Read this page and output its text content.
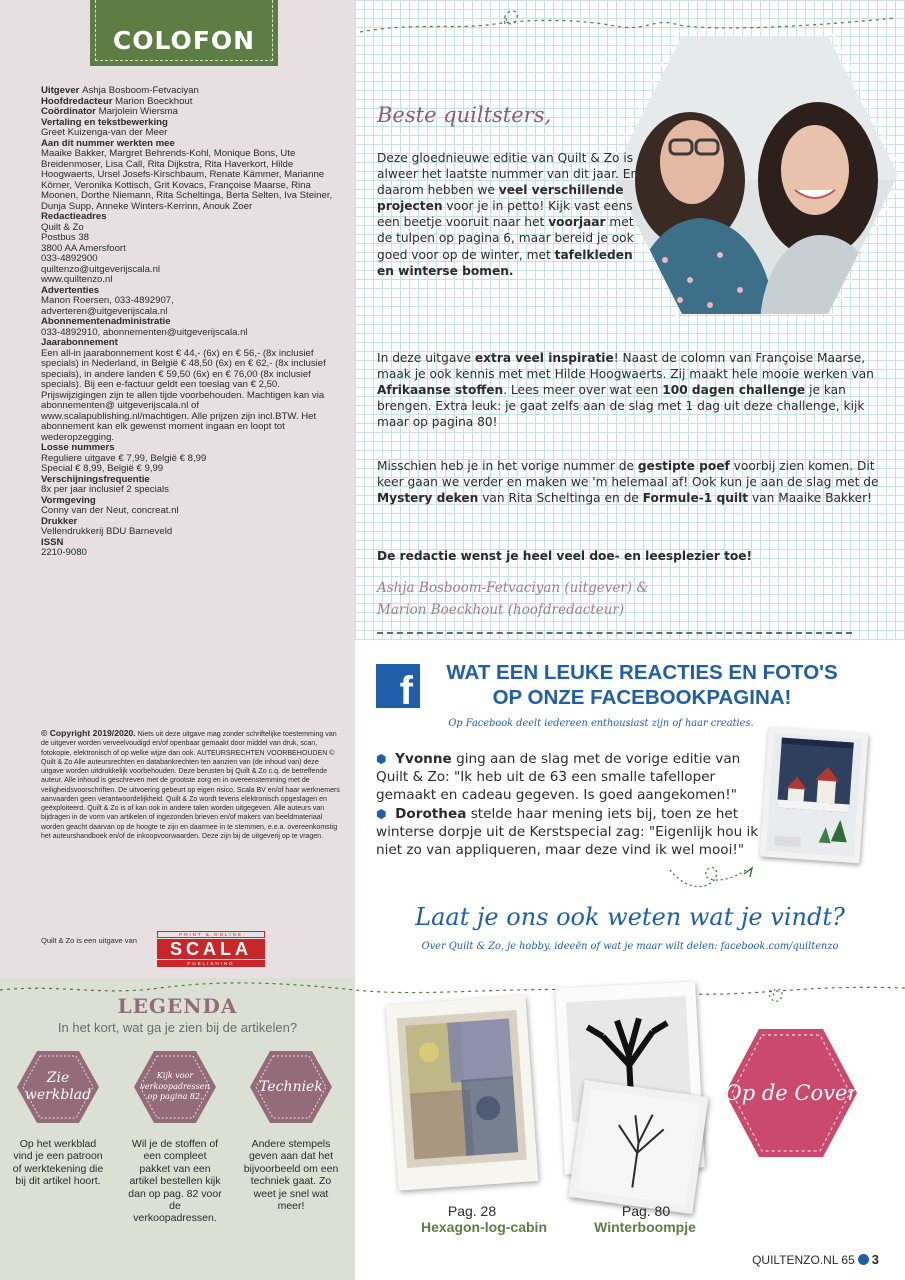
COLOFON
Uitgever Ashja Bosboom-Fetvaciyan
Hoofdredacteur Marion Boeckhout
Coördinator Marjolein Wiersma
Vertaling en tekstbewerking
Greet Kuizenga-van der Meer
Aan dit nummer werkten mee
Maaike Bakker, Margret Behrends-Kohl, Monique Bons, Ute Breidenmoser, Lisa Call, Rita Dijkstra, Rita Haverkort, Hilde Hoogwaerts, Ursel Josefs-Kirschbaum, Renate Kämmer, Marianne Körner, Veronika Kottisch, Grit Kovacs, Françoise Maarse, Rina Moonen, Dorthe Niemann, Rita Scheltinga, Berta Selten, Iva Steiner, Dunja Supp, Anneke Winters-Kerrinn, Anouk Zoer
Redactieadres
Quilt & Zo
Postbus 38
3800 AA Amersfoort
033-4892900
quiltenzo@uitgeverijscala.nl
www.quiltenzo.nl
Advertenties
Manon Roersen, 033-4892907,
adverteren@uitgeverijscala.nl
Abonnementenadministratie
033-4892910, abonnementen@uitgeverijscala.nl
Jaarabonnement
Een all-in jaarabonnement kost € 44,- (6x) en € 56,- (8x inclusief specials) in Nederland, in België € 48,50 (6x) en € 62,- (8x inclusief specials), in andere landen € 59,50 (6x) en € 76,00 (8x inclusief specials). Bij een e-factuur geldt een toeslag van € 2,50. Prijswijzigingen zijn te allen tijde voorbehouden. Machtigen kan via abonnementen@ uitgeverijscala.nl of www.scalapublishing.nl/machtigen. Alle prijzen zijn incl.BTW. Het abonnement kan elk gewenst moment ingaan en loopt tot wederopzegging.
Losse nummers
Reguliere uitgave € 7,99, België € 8,99
Special € 8,99, België € 9,99
Verschijningsfrequentie
8x per jaar inclusief 2 specials
Vormgeving
Conny van der Neut, concreat.nl
Drukker
Vellendrukkerij BDU Barneveld
ISSN
2210-9080
© Copyright 2019/2020. Niets uit deze uitgave mag zonder schriftelijke toestemming van de uitgever worden verveelvoudigd en/of openbaar gemaakt door middel van druk, scan, fotokopie, elektronisch of op welke wijze dan ook. AUTEURSRECHTEN VOORBEHOUDEN © Quilt & Zo Alle auteursrechten en databankrechten ten aanzien van (de inhoud van) deze uitgave worden uitdrukkelijk voorbehouden. Deze berusten bij Quilt & Zo c.q. de betreffende auteur. Alle inhoud is geschreven met de grootste zorg en in overeenstemming met de veiligheidsvoorschriften. De uitvoering gebeurt op eigen risico. Scala BV en/of haar werknemers aanvaarden geen verantwoordelijkheid. Quilt & Zo wordt tevens elektronisch opgeslagen en geëxploiteerd. Quilt & Zo is of kan ook in andere talen worden uitgegeven. Alle auteurs van bijdragen in de vorm van artikelen of ingezonden brieven en/of makers van beeldmateriaal worden geacht daarvan op de hoogte te zijn en daarmee in te stemmen, e.e.a. overeenkomstig het auteurshandboek en/of de inkoopvoorwaarden. Deze zijn bij de uitgeverij op te vragen.
Quilt & Zo is een uitgave van
PRINT & ONLINE
SCALA
PUBLISHING
LEGENDA
In het kort, wat ga je zien bij de artikelen?
Zie werkblad
Kijk voor verkoopadressen op pagina 82.
Techniek
Op het werkblad vind je een patroon of werktekening die bij dit artikel hoort.
Wil je de stoffen of een compleet pakket van een artikel bestellen kijk dan op pag. 82 voor de verkoopadressen.
Andere stempels geven aan dat het bijvoorbeeld om een techniek gaat. Zo weet je snel wat meer!
Beste quiltsters,
Deze gloednieuwe editie van Quilt & Zo is alweer het laatste nummer van dit jaar. En daarom hebben we veel verschillende projecten voor je in petto! Kijk vast eens een beetje vooruit naar het voorjaar met de tulpen op pagina 6, maar bereid je ook goed voor op de winter, met tafelkleden en winterse bomen.
In deze uitgave extra veel inspiratie! Naast de colomn van Françoise Maarse, maak je ook kennis met met Hilde Hoogwaerts. Zij maakt hele mooie werken van Afrikaanse stoffen. Lees meer over wat een 100 dagen challenge je kan brengen. Extra leuk: je gaat zelfs aan de slag met 1 dag uit deze challenge, kijk maar op pagina 80!
Misschien heb je in het vorige nummer de gestipte poef voorbij zien komen. Dit keer gaan we verder en maken we 'm helemaal af! Ook kun je aan de slag met de Mystery deken van Rita Scheltinga en de Formule-1 quilt van Maaike Bakker!
De redactie wenst je heel veel doe- en leesplezier toe!
Ashja Bosboom-Fetvaciyan (uitgever) &
Marion Boeckhout (hoofdredacteur)
f	WAT EEN LEUKE REACTIES EN FOTO'S
OP ONZE FACEBOOKPAGINA!
Op Facebook deelt iedereen enthousiast zijn of haar creaties.
⬢ Yvonne ging aan de slag met de vorige editie van Quilt & Zo: "Ik heb uit de 63 een smalle tafelloper gemaakt en cadeau gegeven. Is goed aangekomen!"
⬢ Dorothea stelde haar mening iets bij, toen ze het winterse dorpje uit de Kerstspecial zag: "Eigenlijk hou ik niet zo van appliqueren, maar deze vind ik wel mooi!"
Laat je ons ook weten wat je vindt?
Over Quilt & Zo, je hobby, ideeën of wat je maar wilt delen: facebook.com/quiltenzo
Pag. 28
Hexagon-log-cabin
Pag. 80
Winterboompje
Op de Cover
QUILTENZO.NL 65 3
